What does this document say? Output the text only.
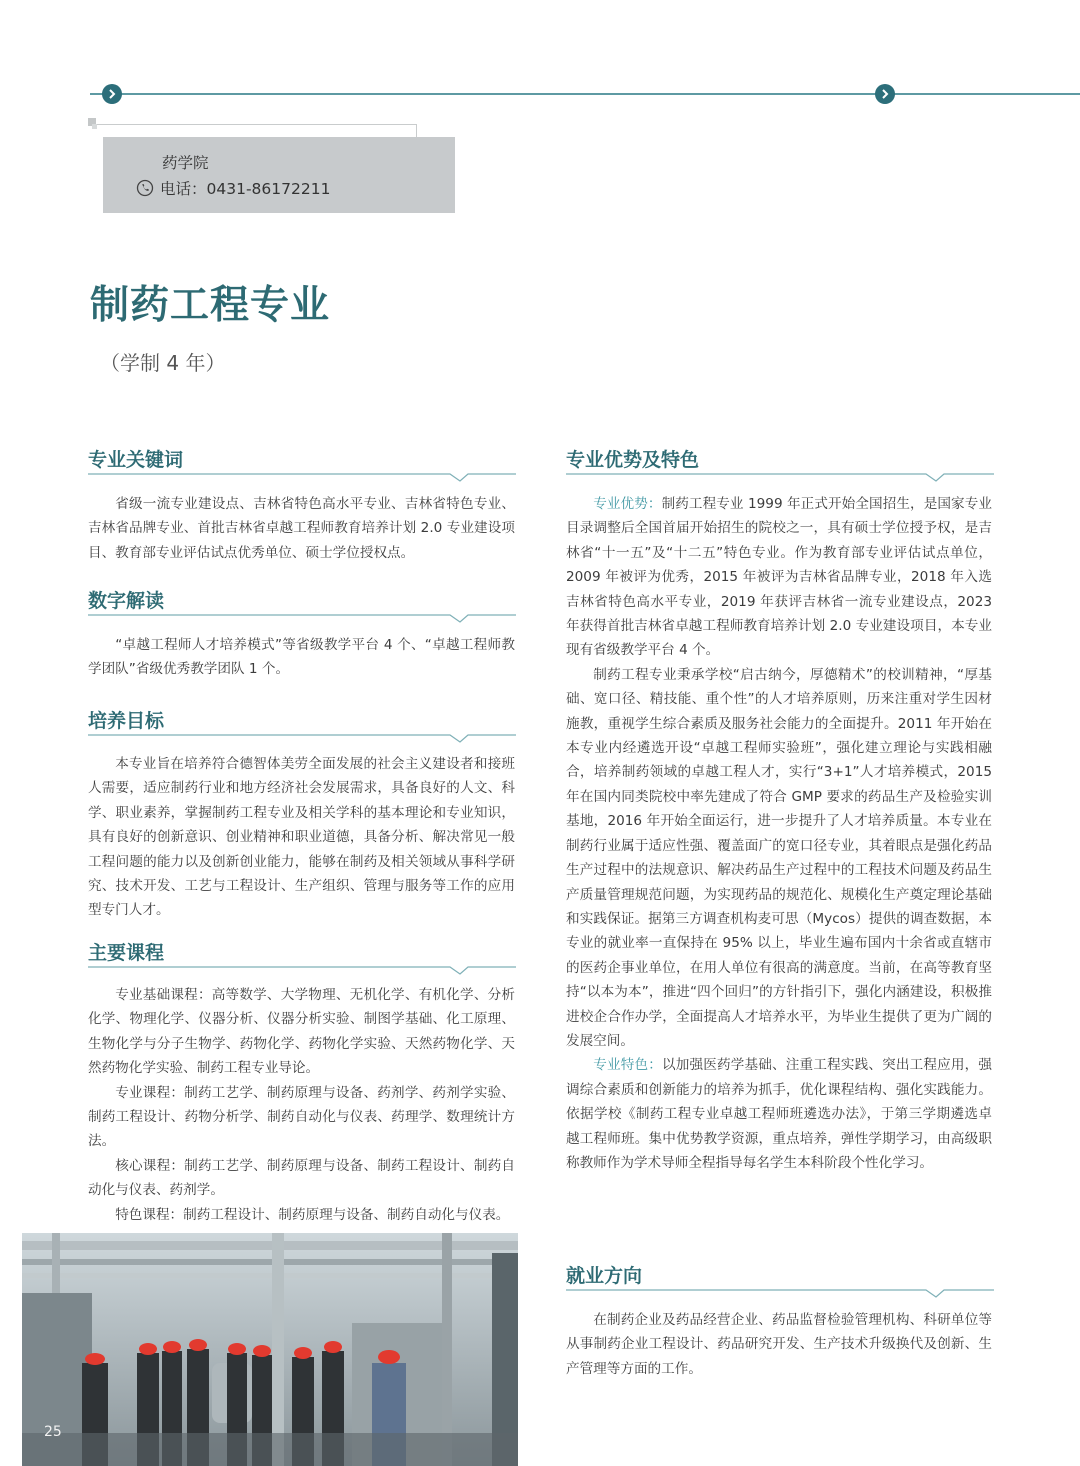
药学院
电话：0431-86172211
制药工程专业
（学制 4 年）
专业关键词

省级一流专业建设点、吉林省特色高水平专业、吉林省特色专业、吉林省品牌专业、首批吉林省卓越工程师教育培养计划 2.0 专业建设项目、教育部专业评估试点优秀单位、硕士学位授权点。

数字解读

“卓越工程师人才培养模式”等省级教学平台 4 个、“卓越工程师教学团队”省级优秀教学团队 1 个。

培养目标

本专业旨在培养符合德智体美劳全面发展的社会主义建设者和接班人需要，适应制药行业和地方经济社会发展需求，具备良好的人文、科学、职业素养，掌握制药工程专业及相关学科的基本理论和专业知识，具有良好的创新意识、创业精神和职业道德，具备分析、解决常见一般工程问题的能力以及创新创业能力，能够在制药及相关领域从事科学研究、技术开发、工艺与工程设计、生产组织、管理与服务等工作的应用型专门人才。

主要课程

专业基础课程：高等数学、大学物理、无机化学、有机化学、分析化学、物理化学、仪器分析、仪器分析实验、制图学基础、化工原理、生物化学与分子生物学、药物化学、药物化学实验、天然药物化学、天然药物化学实验、制药工程专业导论。

专业课程：制药工艺学、制药原理与设备、药剂学、药剂学实验、制药工程设计、药物分析学、制药自动化与仪表、药理学、数理统计方法。

核心课程：制药工艺学、制药原理与设备、制药工程设计、制药自动化与仪表、药剂学。

特色课程：制药工程设计、制药原理与设备、制药自动化与仪表。

25
专业优势及特色

专业优势：制药工程专业 1999 年正式开始全国招生，是国家专业目录调整后全国首届开始招生的院校之一，具有硕士学位授予权，是吉林省“十一五”及“十二五”特色专业。作为教育部专业评估试点单位，2009 年被评为优秀，2015 年被评为吉林省品牌专业，2018 年入选吉林省特色高水平专业，2019 年获评吉林省一流专业建设点，2023 年获得首批吉林省卓越工程师教育培养计划 2.0 专业建设项目，本专业现有省级教学平台 4 个。

制药工程专业秉承学校“启古纳今，厚德精术”的校训精神，“厚基础、宽口径、精技能、重个性”的人才培养原则，历来注重对学生因材施教，重视学生综合素质及服务社会能力的全面提升。2011 年开始在本专业内经遴选开设“卓越工程师实验班”，强化建立理论与实践相融合，培养制药领域的卓越工程人才，实行“3+1”人才培养模式，2015 年在国内同类院校中率先建成了符合 GMP 要求的药品生产及检验实训基地，2016 年开始全面运行，进一步提升了人才培养质量。本专业在制药行业属于适应性强、覆盖面广的宽口径专业，其着眼点是强化药品生产过程中的法规意识、解决药品生产过程中的工程技术问题及药品生产质量管理规范问题，为实现药品的规范化、规模化生产奠定理论基础和实践保证。据第三方调查机构麦可思（Mycos）提供的调查数据，本专业的就业率一直保持在 95% 以上，毕业生遍布国内十余省或直辖市的医药企事业单位，在用人单位有很高的满意度。当前，在高等教育坚持“以本为本”，推进“四个回归”的方针指引下，强化内涵建设，积极推进校企合作办学，全面提高人才培养水平，为毕业生提供了更为广阔的发展空间。

专业特色：以加强医药学基础、注重工程实践、突出工程应用，强调综合素质和创新能力的培养为抓手，优化课程结构、强化实践能力。依据学校《制药工程专业卓越工程师班遴选办法》，于第三学期遴选卓越工程师班。集中优势教学资源，重点培养，弹性学期学习，由高级职称教师作为学术导师全程指导每名学生本科阶段个性化学习。

就业方向

在制药企业及药品经营企业、药品监督检验管理机构、科研单位等从事制药企业工程设计、药品研究开发、生产技术升级换代及创新、生产管理等方面的工作。
